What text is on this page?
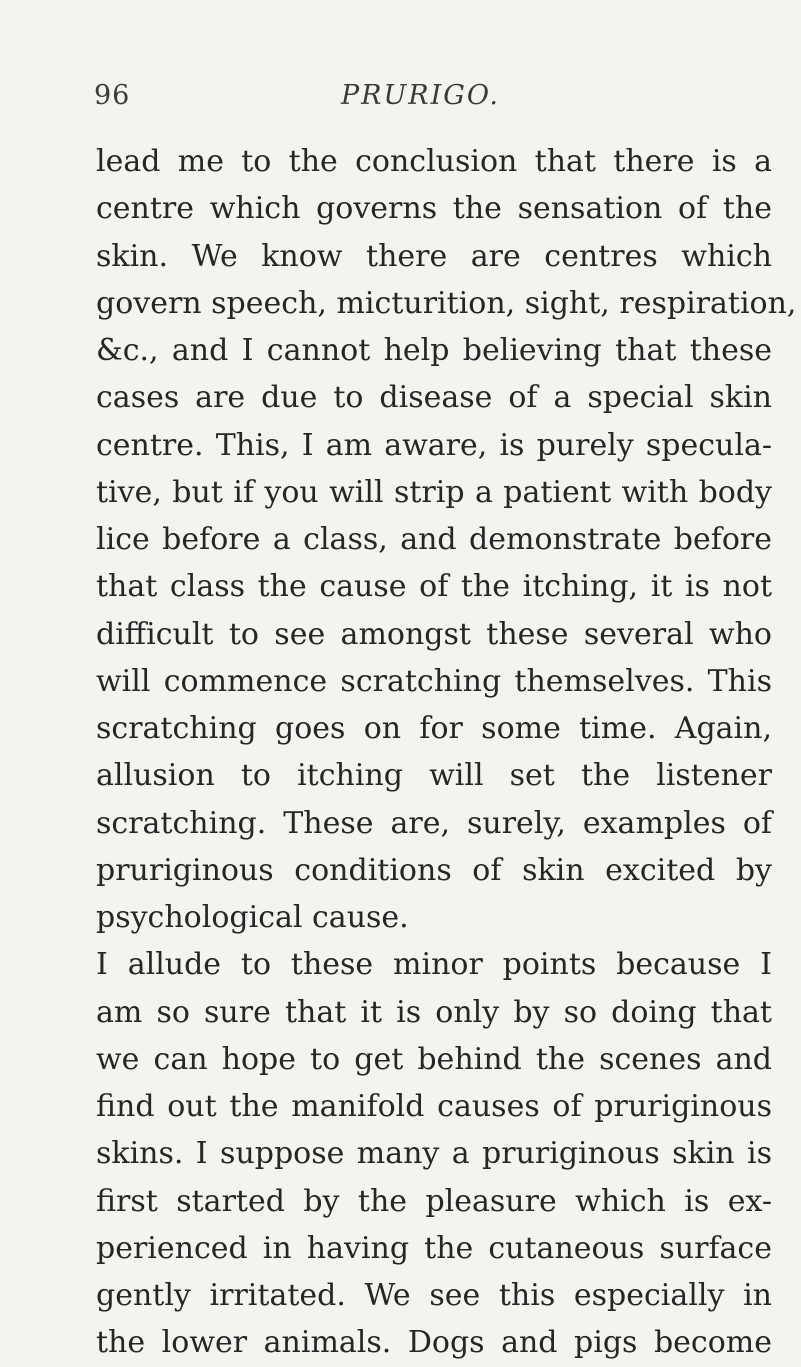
96	PRURIGO.
lead me to the conclusion that there is a
centre which governs the sensation of the
skin. We know there are centres which
govern speech, micturition, sight, respiration,
&c., and I cannot help believing that these
cases are due to disease of a special skin
centre. This, I am aware, is purely specula-
tive, but if you will strip a patient with body
lice before a class, and demonstrate before
that class the cause of the itching, it is not
difficult to see amongst these several who
will commence scratching themselves. This
scratching goes on for some time. Again,
allusion to itching will set the listener
scratching. These are, surely, examples of
pruriginous conditions of skin excited by
psychological cause.
I allude to these minor points because I
am so sure that it is only by so doing that
we can hope to get behind the scenes and
find out the manifold causes of pruriginous
skins. I suppose many a pruriginous skin is
first started by the pleasure which is ex-
perienced in having the cutaneous surface
gently irritated. We see this especially in
the lower animals. Dogs and pigs become
